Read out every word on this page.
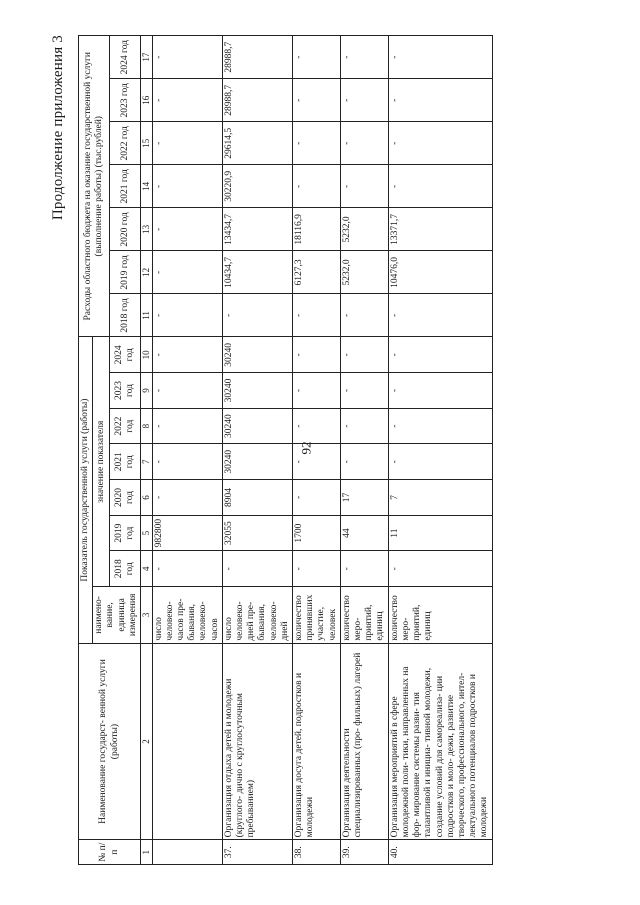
92
Продолжение приложения 3
№ п/п	Наименование государст- венной услуги (работы)	Показатель государственной услуги (работы)								Расходы областного бюджета на оказание государственной услуги (выполнение работы) (тыс.рублей)						
		наимено- вание, единица измерения	значение показателя													
			2018 год	2019 год	2020 год	2021 год	2022 год	2023 год	2024 год	2018 год	2019 год	2020 год	2021 год	2022 год	2023 год	2024 год
1	2	3	4	5	6	7	8	9	10	11	12	13	14	15	16	17
		число человеко- часов пре- бывания, человеко- часов	-	982800	-	-	-	-	-	-	-	-	-	-	-	-
37.	Организация отдыха детей и молодежи (круглого- дично с круглосуточным пребыванием)	число человеко- дней пре- бывания, человеко- дней	-	32055	8904	30240	30240	30240	30240	-	10434,7	13434,7	30220,9	29614,5	28988,7	28988,7
38.	Организация досуга детей, подростков и молодежи	количество принявших участие, человек	-	1700	-	-	-	-	-	-	6127,3	18116,9	-	-	-	-
39.	Организация деятельности специализированных (про- фильных) лагерей	количество меро- приятий, единиц	-	44	17	-	-	-	-	-	5232,0	5232,0	-	-	-	-
40.	Организация мероприятий в сфере молодежной поли- тики, направленных на фор- мирование системы разви- тия талантливой и инициа- тивной молодежи, создание условий для самореализа- ции подростков и моло- дежи, развитие творческого, профессионального, интел- лектуального потенциалов подростков и молодежи	количество меро- приятий, единиц	-	11	7	-	-	-	-	-	10476,0	13371,7	-	-	-	-
